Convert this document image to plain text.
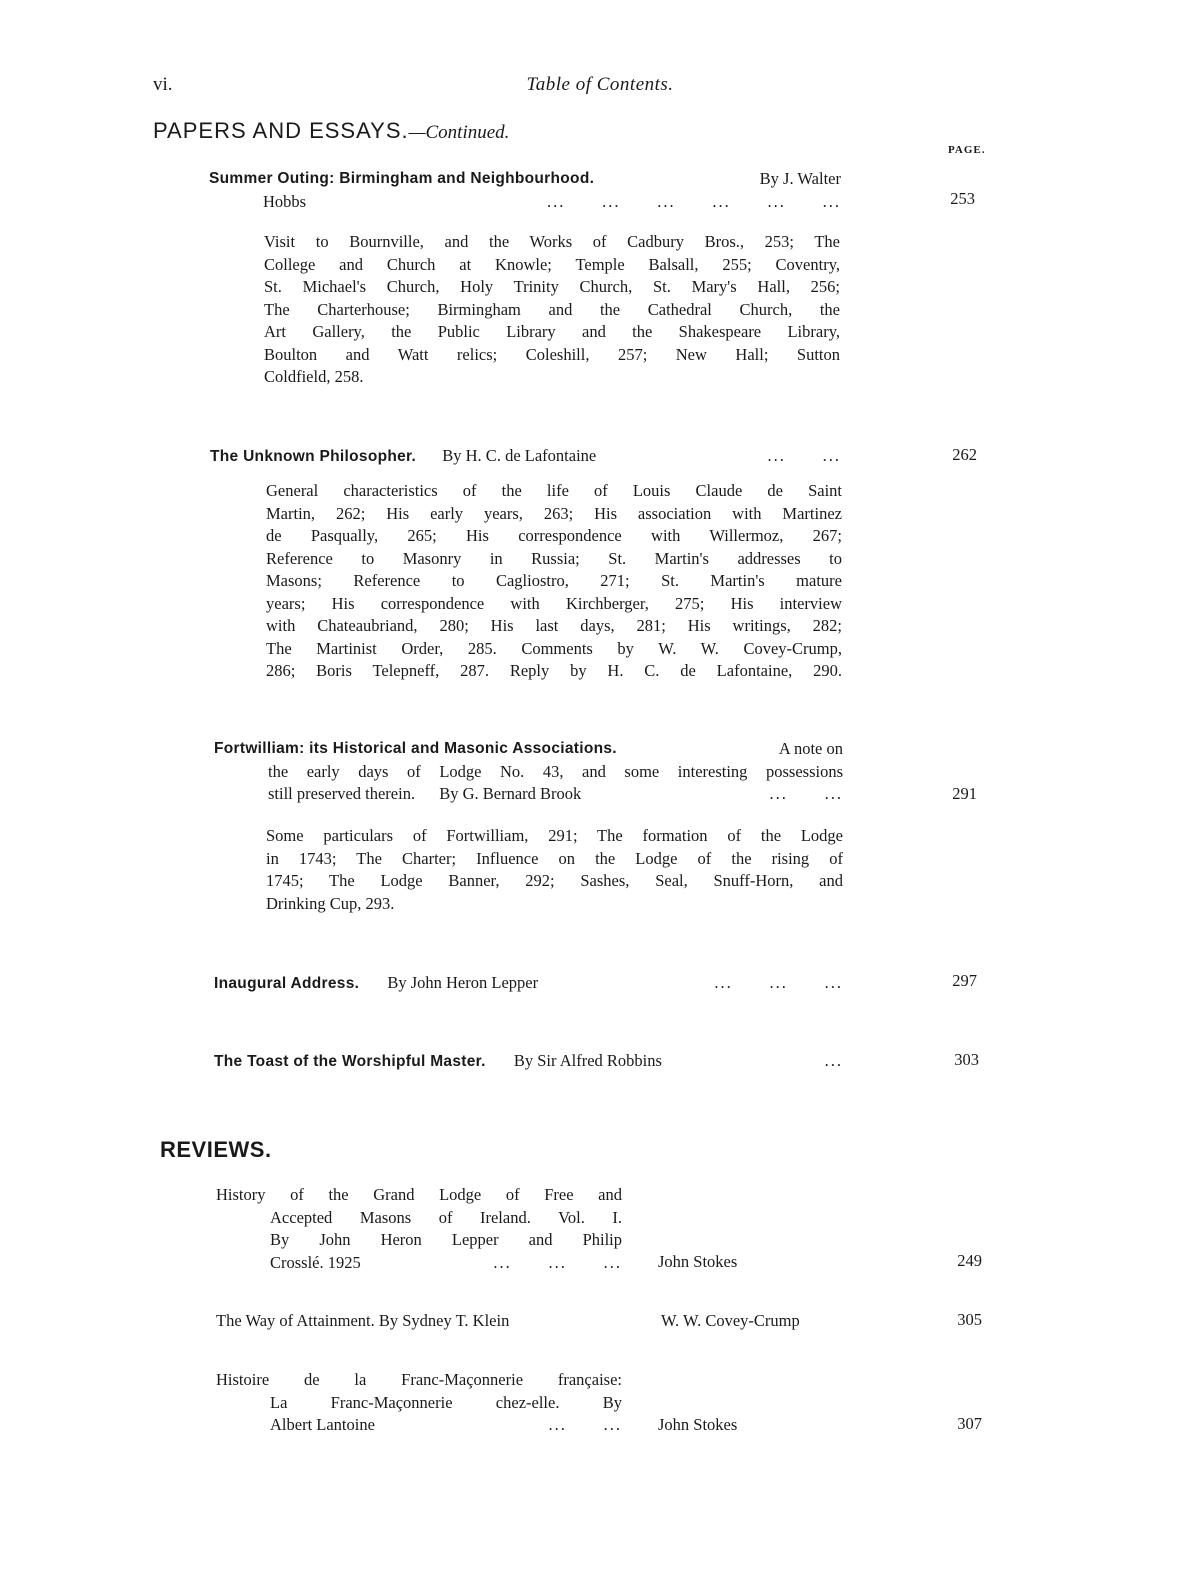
vi.	Table of Contents.
PAPERS AND ESSAYS.—Continued.
PAGE.
Summer Outing: Birmingham and Neighbourhood.	By J. Walter
Hobbs	...      ...      ...      ...      ...      ...	253
Visit to Bournville, and the Works of Cadbury Bros., 253; The
College and Church at Knowle; Temple Balsall, 255; Coventry,
St. Michael's Church, Holy Trinity Church, St. Mary's Hall, 256;
The Charterhouse; Birmingham and the Cathedral Church, the
Art Gallery, the Public Library and the Shakespeare Library,
Boulton and Watt relics; Coleshill, 257; New Hall; Sutton
Coldfield, 258.
The Unknown Philosopher. By H. C. de Lafontaine	...      ...	262
General characteristics of the life of Louis Claude de Saint
Martin, 262; His early years, 263; His association with Martinez
de Pasqually, 265; His correspondence with Willermoz, 267;
Reference to Masonry in Russia; St. Martin's addresses to
Masons; Reference to Cagliostro, 271; St. Martin's mature
years; His correspondence with Kirchberger, 275; His interview
with Chateaubriand, 280; His last days, 281; His writings, 282;
The Martinist Order, 285. Comments by W. W. Covey-Crump,
286; Boris Telepneff, 287. Reply by H. C. de Lafontaine, 290.
Fortwilliam: its Historical and Masonic Associations.	A note on
the early days of Lodge No. 43, and some interesting possessions
still preserved therein. By G. Bernard Brook	...      ...	291
Some particulars of Fortwilliam, 291; The formation of the Lodge
in 1743; The Charter; Influence on the Lodge of the rising of
1745; The Lodge Banner, 292; Sashes, Seal, Snuff-Horn, and
Drinking Cup, 293.
Inaugural Address. By John Heron Lepper	...      ...      ...	297
The Toast of the Worshipful Master. By Sir Alfred Robbins	...	303
REVIEWS.
History of the Grand Lodge of Free and
Accepted Masons of Ireland. Vol. I.
By John Heron Lepper and Philip
Crosslé. 1925	...      ...      ... John Stokes	249
The Way of Attainment. By Sydney T. Klein	W. W. Covey-Crump	305
Histoire de la Franc-Maçonnerie française:
La Franc-Maçonnerie chez-elle. By
Albert Lantoine	...      ... John Stokes	307
